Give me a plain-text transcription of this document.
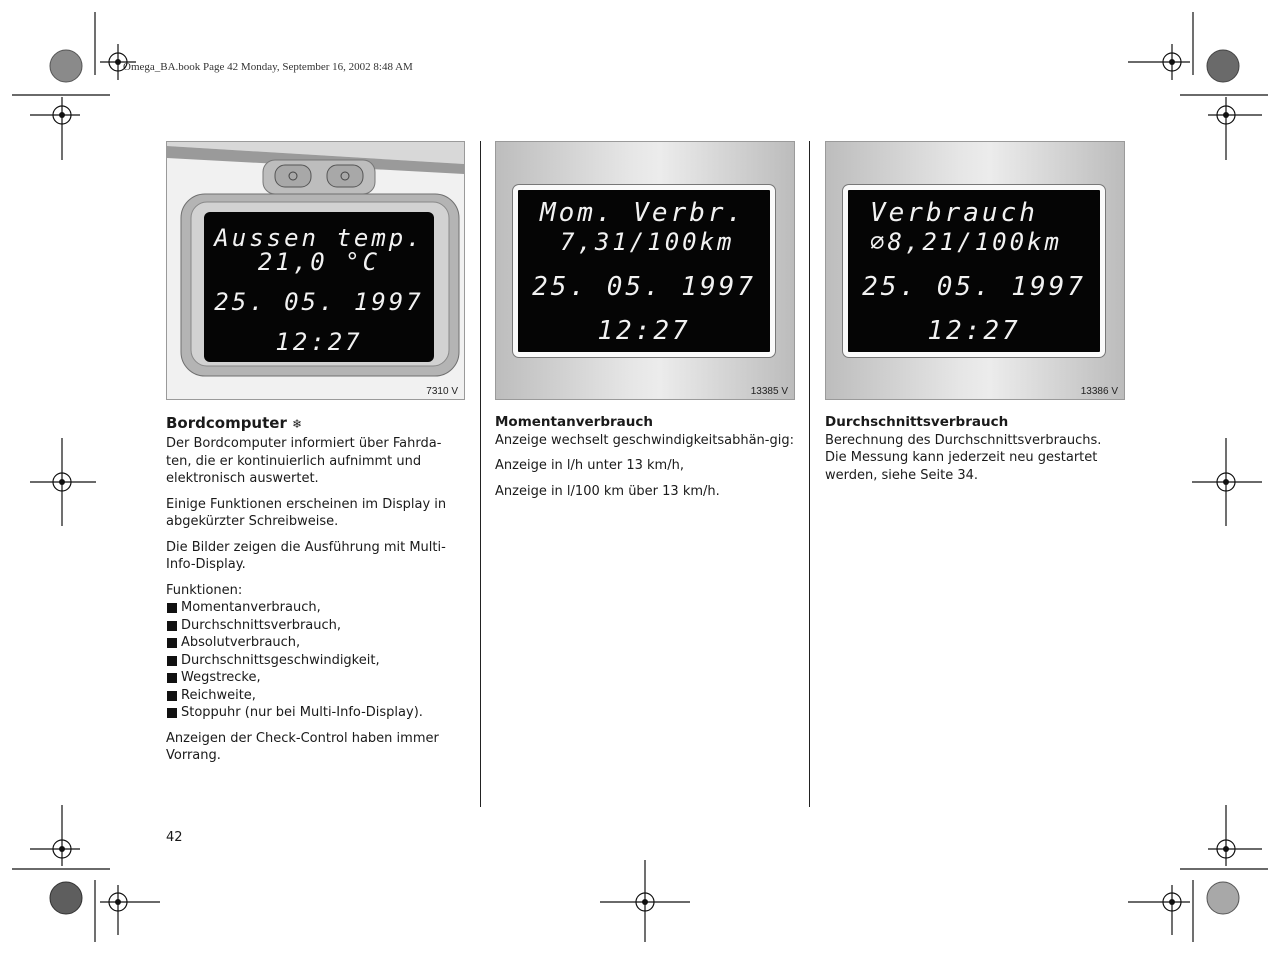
Omega_BA.book Page 42 Monday, September 16, 2002 8:48 AM
Aussen temp.
21,0 °C
25. 05. 1997
12:27
7310 V
Mom. Verbr.
7,31/100km
25. 05. 1997
12:27
13385 V
Verbrauch
⌀8,21/100km
25. 05. 1997
12:27
13386 V

Bordcomputer ❄

Der Bordcomputer informiert über Fahrda-ten, die er kontinuierlich aufnimmt und elektronisch auswertet.

Einige Funktionen erscheinen im Display in abgekürzter Schreibweise.

Die Bilder zeigen die Ausführung mit Multi-Info-Display.

Funktionen:

Momentanverbrauch,
Durchschnittsverbrauch,
Absolutverbrauch,
Durchschnittsgeschwindigkeit,
Wegstrecke,
Reichweite,
Stoppuhr (nur bei Multi-Info-Display).

Anzeigen der Check-Control haben immer Vorrang.

Momentanverbrauch

Anzeige wechselt geschwindigkeitsabhän-gig:

Anzeige in l/h unter 13 km/h,

Anzeige in l/100 km über 13 km/h.

Durchschnittsverbrauch

Berechnung des Durchschnittsverbrauchs. Die Messung kann jederzeit neu gestartet werden, siehe Seite 34.

42
